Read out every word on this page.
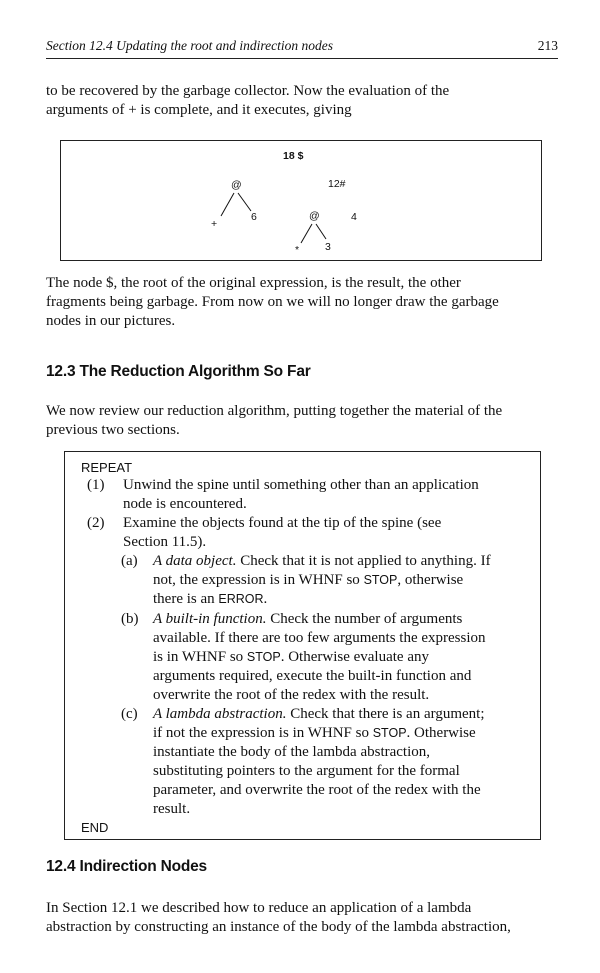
Section 12.4 Updating the root and indirection nodes	213

to be recovered by the garbage collector. Now the evaluation of the

arguments of + is complete, and it executes, giving

18 $
12#
@
+
6	@
* 3
4

The node $, the root of the original expression, is the result, the other

fragments being garbage. From now on we will no longer draw the garbage

nodes in our pictures.

12.3 The Reduction Algorithm So Far

We now review our reduction algorithm, putting together the material of the

previous two sections.

REPEAT
(1) Unwind the spine until something other than an application
node is encountered.
(2) Examine the objects found at the tip of the spine (see
Section 11.5).
(a) A data object. Check that it is not applied to anything. If
not, the expression is in WHNF so STOP, otherwise
there is an ERROR.
(b) A built-in function. Check the number of arguments
available. If there are too few arguments the expression
is in WHNF so STOP. Otherwise evaluate any
arguments required, execute the built-in function and
overwrite the root of the redex with the result.
(c) A lambda abstraction. Check that there is an argument;
if not the expression is in WHNF so STOP. Otherwise
instantiate the body of the lambda abstraction,
substituting pointers to the argument for the formal
parameter, and overwrite the root of the redex with the
result.
END
12.4 Indirection Nodes

In Section 12.1 we described how to reduce an application of a lambda

abstraction by constructing an instance of the body of the lambda abstraction,
